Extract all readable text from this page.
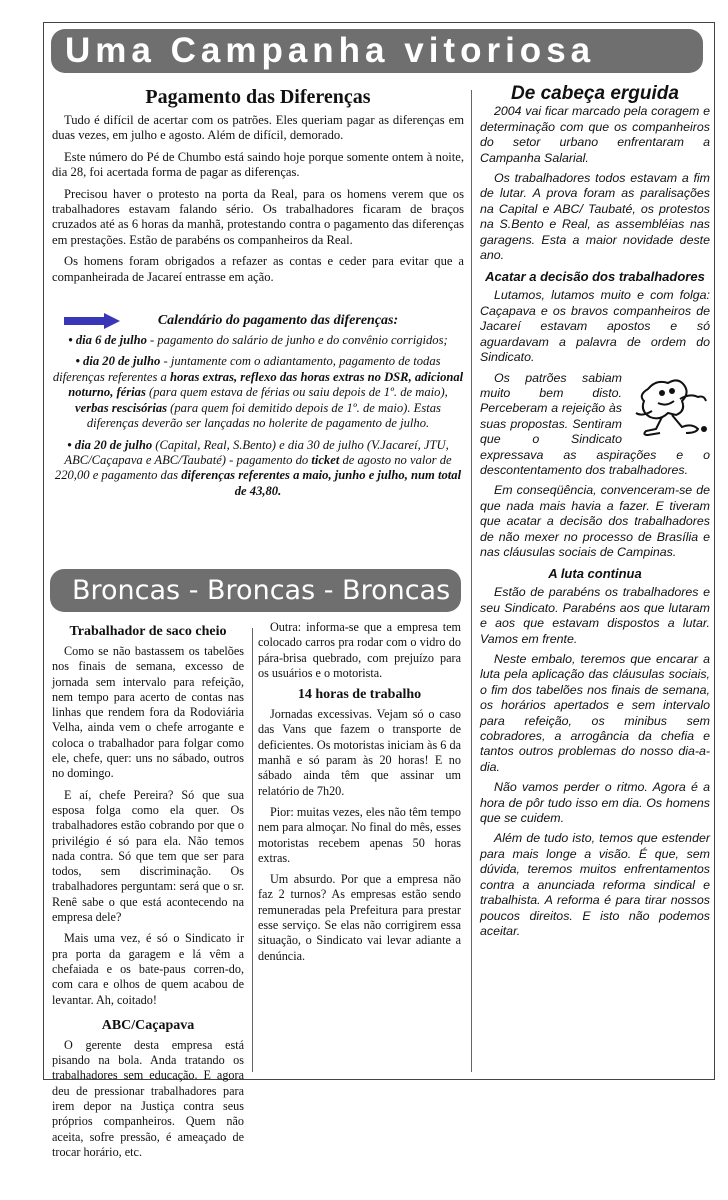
Uma Campanha vitoriosa
Pagamento das Diferenças

Tudo é difícil de acertar com os patrões. Eles queriam pagar as diferenças em duas vezes, em julho e agosto. Além de difícil, demorado.

Este número do Pé de Chumbo está saindo hoje porque somente ontem à noite, dia 28, foi acertada forma de pagar as diferenças.

Precisou haver o protesto na porta da Real, para os homens verem que os trabalhadores estavam falando sério. Os trabalhadores ficaram de braços cruzados até as 6 horas da manhã, protestando contra o pagamento das diferenças em prestações. Estão de parabéns os companheiros da Real.

Os homens foram obrigados a refazer as contas e ceder para evitar que a companheirada de Jacareí entrasse em ação.

Calendário do pagamento das diferenças:

• dia 6 de julho - pagamento do salário de junho e do convênio corrigidos;

• dia 20 de julho - juntamente com o adiantamento, pagamento de todas diferenças referentes a horas extras, reflexo das horas extras no DSR, adicional noturno, férias (para quem estava de férias ou saiu depois de 1º. de maio), verbas rescisórias (para quem foi demitido depois de 1º. de maio). Estas diferenças deverão ser lançadas no holerite de pagamento de julho.

• dia 20 de julho (Capital, Real, S.Bento) e dia 30 de julho (V.Jacareí, JTU, ABC/Caçapava e ABC/Taubaté) - pagamento do ticket de agosto no valor de 220,00 e pagamento das diferenças referentes a maio, junho e julho, num total de 43,80.

De cabeça erguida

2004 vai ficar marcado pela coragem e determinação com que os companheiros do setor urbano enfrentaram a Campanha Salarial.

Os trabalhadores todos estavam a fim de lutar. A prova foram as paralisações na Capital e ABC/ Taubaté, os protestos na S.Bento e Real, as assembléias nas garagens. Esta a maior novidade deste ano.

Acatar a decisão dos trabalhadores

Lutamos, lutamos muito e com folga: Caçapava e os bravos companheiros de Jacareí estavam apostos e só aguardavam a palavra de ordem do Sindicato.

Os patrões sabiam muito bem disto. Perceberam a rejeição às suas propostas. Sentiram que o Sindicato expressava as aspirações e o descontentamento dos trabalhadores.

Em conseqüência, convenceram-se de que nada mais havia a fazer. E tiveram que acatar a decisão dos trabalhadores de não mexer no processo de Brasília e nas cláusulas sociais de Campinas.

A luta continua

Estão de parabéns os trabalhadores e seu Sindicato. Parabéns aos que lutaram e aos que estavam dispostos a lutar. Vamos em frente.

Neste embalo, teremos que encarar a luta pela aplicação das cláusulas sociais, o fim dos tabelões nos finais de semana, os horários apertados e sem intervalo para refeição, os minibus sem cobradores, a arrogância da chefia e tantos outros problemas do nosso dia-a-dia.

Não vamos perder o ritmo. Agora é a hora de pôr tudo isso em dia. Os homens que se cuidem.

Além de tudo isto, temos que estender para mais longe a visão. É que, sem dúvida, teremos muitos enfrentamentos contra a anunciada reforma sindical e trabalhista. A reforma é para tirar nossos poucos direitos. E isto não podemos aceitar.

Broncas - Broncas - Broncas
Trabalhador de saco cheio

Como se não bastassem os tabelões nos finais de semana, excesso de jornada sem intervalo para refeição, nem tempo para acerto de contas nas linhas que rendem fora da Rodoviária Velha, ainda vem o chefe arrogante e coloca o trabalhador para folgar como ele, chefe, quer: uns no sábado, outros no domingo.

E aí, chefe Pereira? Só que sua esposa folga como ela quer. Os trabalhadores estão cobrando por que o privilégio é só para ela. Não temos nada contra. Só que tem que ser para todos, sem discriminação. Os trabalhadores perguntam: será que o sr. Renê sabe o que está acontecendo na empresa dele?

Mais uma vez, é só o Sindicato ir pra porta da garagem e lá vêm a chefaiada e os bate-paus corren-do, com cara e olhos de quem acabou de levantar. Ah, coitado!

ABC/Caçapava

O gerente desta empresa está pisando na bola. Anda tratando os trabalhadores sem educação. E agora deu de pressionar trabalhadores para irem depor na Justiça contra seus próprios companheiros. Quem não aceita, sofre pressão, é ameaçado de trocar horário, etc.

Outra: informa-se que a empresa tem colocado carros pra rodar com o vidro do pára-brisa quebrado, com prejuízo para os usuários e o motorista.

14 horas de trabalho

Jornadas excessivas. Vejam só o caso das Vans que fazem o transporte de deficientes. Os motoristas iniciam às 6 da manhã e só param às 20 horas! E no sábado ainda têm que assinar um relatório de 7h20.

Pior: muitas vezes, eles não têm tempo nem para almoçar. No final do mês, esses motoristas recebem apenas 50 horas extras.

Um absurdo. Por que a empresa não faz 2 turnos? As empresas estão sendo remuneradas pela Prefeitura para prestar esse serviço. Se elas não corrigirem essa situação, o Sindicato vai levar adiante a denúncia.
